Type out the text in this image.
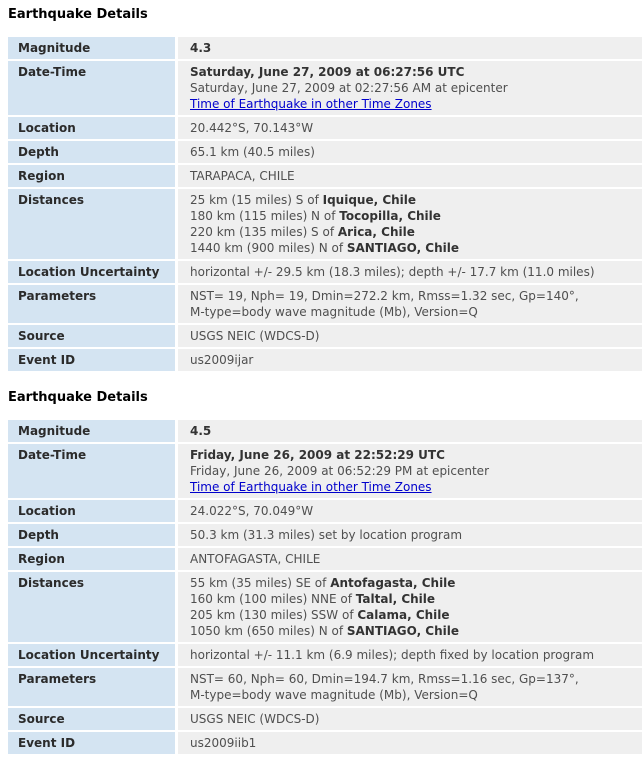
Earthquake Details
Magnitude	4.3
Date-Time	Saturday, June 27, 2009 at 06:27:56 UTC
Saturday, June 27, 2009 at 02:27:56 AM at epicenter
Time of Earthquake in other Time Zones
Location	20.442°S, 70.143°W
Depth	65.1 km (40.5 miles)
Region	TARAPACA, CHILE
Distances	25 km (15 miles) S of Iquique, Chile
180 km (115 miles) N of Tocopilla, Chile
220 km (135 miles) S of Arica, Chile
1440 km (900 miles) N of SANTIAGO, Chile
Location Uncertainty	horizontal +/- 29.5 km (18.3 miles); depth +/- 17.7 km (11.0 miles)
Parameters	NST= 19, Nph= 19, Dmin=272.2 km, Rmss=1.32 sec, Gp=140°,
M-type=body wave magnitude (Mb), Version=Q
Source	USGS NEIC (WDCS-D)
Event ID	us2009ijar
Earthquake Details
Magnitude	4.5
Date-Time	Friday, June 26, 2009 at 22:52:29 UTC
Friday, June 26, 2009 at 06:52:29 PM at epicenter
Time of Earthquake in other Time Zones
Location	24.022°S, 70.049°W
Depth	50.3 km (31.3 miles) set by location program
Region	ANTOFAGASTA, CHILE
Distances	55 km (35 miles) SE of Antofagasta, Chile
160 km (100 miles) NNE of Taltal, Chile
205 km (130 miles) SSW of Calama, Chile
1050 km (650 miles) N of SANTIAGO, Chile
Location Uncertainty	horizontal +/- 11.1 km (6.9 miles); depth fixed by location program
Parameters	NST= 60, Nph= 60, Dmin=194.7 km, Rmss=1.16 sec, Gp=137°,
M-type=body wave magnitude (Mb), Version=Q
Source	USGS NEIC (WDCS-D)
Event ID	us2009iib1
